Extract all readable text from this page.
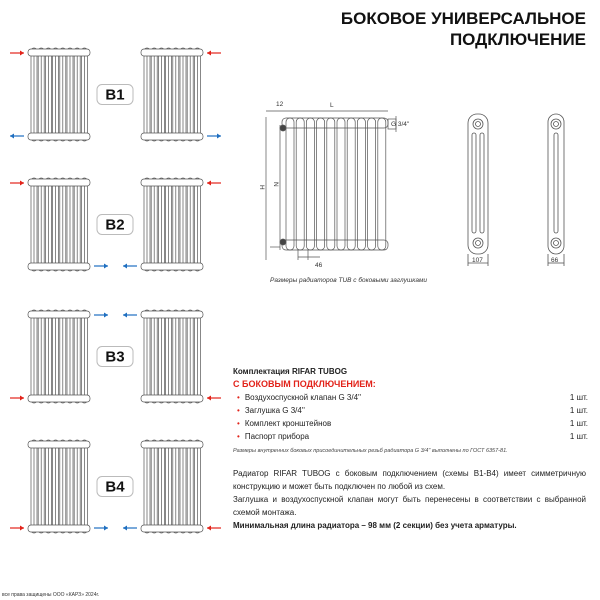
БОКОВОЕ УНИВЕРСАЛЬНОЕ
ПОДКЛЮЧЕНИЕ
B1
B2
B3
B4
12	L
H
N
46
G 3/4''
107	66
Размеры радиаторов TUB с боковыми заглушками
Комплектация RIFAR TUBOG
С БОКОВЫМ ПОДКЛЮЧЕНИЕМ:
• Воздухоспускной клапан G 3/4''	1 шт.
• Заглушка G 3/4''	1 шт.
• Комплект кронштейнов	1 шт.
• Паспорт прибора	1 шт.
Размеры внутренних боковых присоединительных резьб радиатора G 3/4'' выполнены по ГОСТ 6357-81.

Радиатор RIFAR TUBOG с боковым подключением (схемы B1-B4) имеет симметричную конструкцию и может быть подключен по любой из схем.

Заглушка и воздухоспускной клапан могут быть перенесены в соответствии с выбранной схемой монтажа.

Минимальная длина радиатора – 98 мм (2 секции) без учета арматуры.

все права защищены ООО «КАРЗ» 2024г.
